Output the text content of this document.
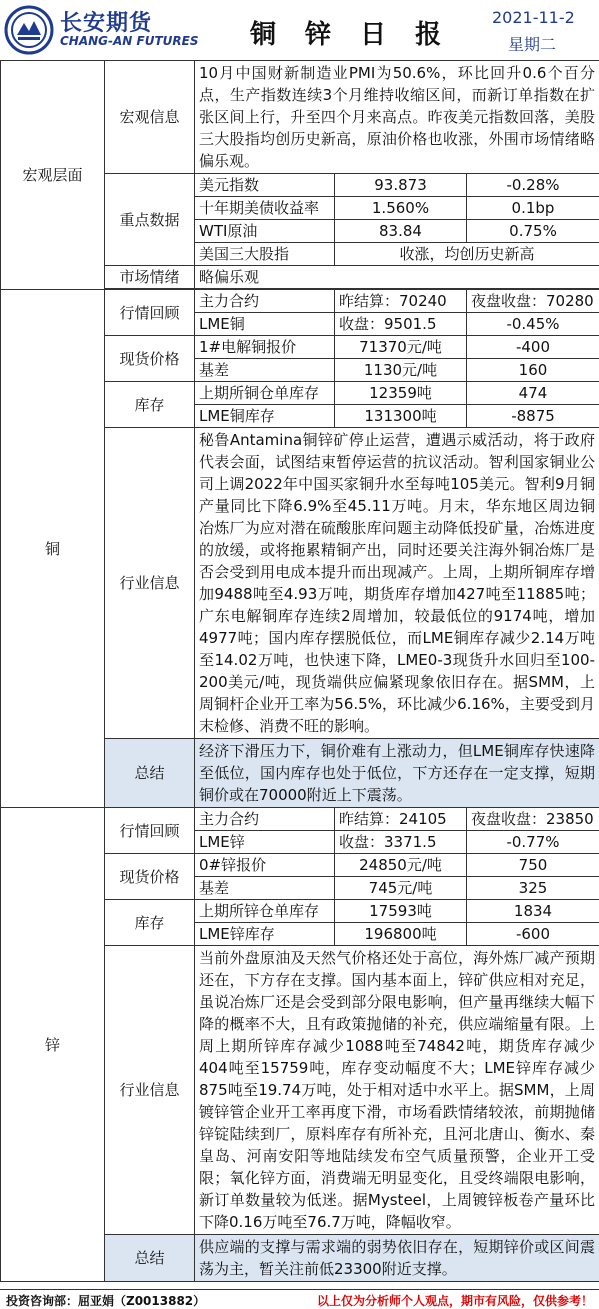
长安期货
CHANG-AN FUTURES 铜 锌 日 报
2021-11-2
星期二
宏观层面	宏观信息	10月中国财新制造业PMI为50.6%，环比回升0.6个百分点，生产指数连续3个月维持收缩区间，而新订单指数在扩张区间上行，升至四个月来高点。昨夜美元指数回落，美股三大股指均创历史新高，原油价格也收涨，外围市场情绪略偏乐观。		
	重点数据	美元指数	93.873	-0.28%
		十年期美债收益率	1.560%	0.1bp
		WTI原油	83.84	0.75%
		美国三大股指	收涨，均创历史新高	
	市场情绪	略偏乐观		

铜	行情回顾	主力合约	昨结算：70240	夜盘收盘：70280
		LME铜	收盘：9501.5	-0.45%
	现货价格	1#电解铜报价	71370元/吨	-400
		基差	1130元/吨	160
	库存	上期所铜仓单库存	12359吨	474
		LME铜库存	131300吨	-8875
	行业信息	秘鲁Antamina铜锌矿停止运营，遭遇示威活动，将于政府代表会面，试图结束暂停运营的抗议活动。智利国家铜业公司上调2022年中国买家铜升水至每吨105美元。智利9月铜产量同比下降6.9%至45.11万吨。月末，华东地区周边铜冶炼厂为应对潜在硫酸胀库问题主动降低投矿量，冶炼进度的放缓，或将拖累精铜产出，同时还要关注海外铜冶炼厂是否会受到用电成本提升而出现减产。上周，上期所铜库存增加9488吨至4.93万吨，期货库存增加427吨至11885吨；广东电解铜库存连续2周增加，较最低位的9174吨，增加4977吨；国内库存摆脱低位，而LME铜库存减少2.14万吨至14.02万吨，也快速下降，LME0-3现货升水回归至100-200美元/吨，现货端供应偏紧现象依旧存在。据SMM，上周铜杆企业开工率为56.5%，环比减少6.16%，主要受到月末检修、消费不旺的影响。		
	总结	经济下滑压力下，铜价难有上涨动力，但LME铜库存快速降至低位，国内库存也处于低位，下方还存在一定支撑，短期铜价或在70000附近上下震荡。		
锌	行情回顾	主力合约	昨结算：24105	夜盘收盘：23850
		LME锌	收盘：3371.5	-0.77%
	现货价格	0#锌报价	24850元/吨	750
		基差	745元/吨	325
	库存	上期所锌仓单库存	17593吨	1834
		LME锌库存	196800吨	-600
	行业信息	当前外盘原油及天然气价格还处于高位，海外炼厂减产预期还在，下方存在支撑。国内基本面上，锌矿供应相对充足，虽说冶炼厂还是会受到部分限电影响，但产量再继续大幅下降的概率不大，且有政策抛储的补充，供应端缩量有限。上周上期所锌库存减少1088吨至74842吨，期货库存减少404吨至15759吨，库存变动幅度不大；LME锌库存减少875吨至19.74万吨，处于相对适中水平上。据SMM，上周镀锌管企业开工率再度下滑，市场看跌情绪较浓，前期抛储锌锭陆续到厂，原料库存有所补充，且河北唐山、衡水、秦皇岛、河南安阳等地陆续发布空气质量预警，企业开工受限；氧化锌方面，消费端无明显变化，且受终端限电影响，新订单数量较为低迷。据Mysteel，上周镀锌板卷产量环比下降0.16万吨至76.7万吨，降幅收窄。		
	总结	供应端的支撑与需求端的弱势依旧存在，短期锌价或区间震荡为主，暂关注前低23300附近支撑。		
投资咨询部：屈亚娟（Z0013882）	以上仅为分析师个人观点，期市有风险，仅供参考！
